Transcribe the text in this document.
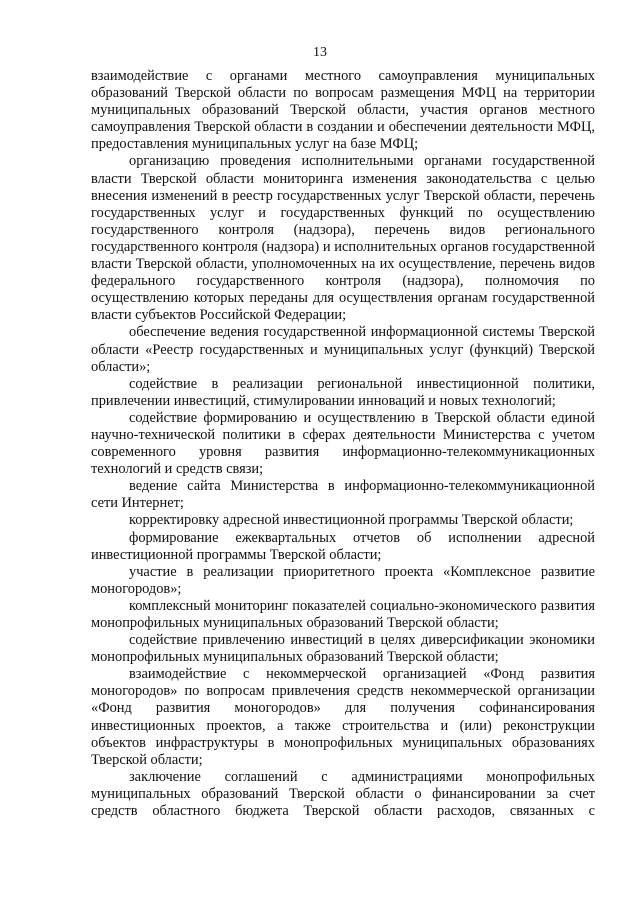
13

взаимодействие с органами местного самоуправления муниципальных образований Тверской области по вопросам размещения МФЦ на территории муниципальных образований Тверской области, участия органов местного самоуправления Тверской области в создании и обеспечении деятельности МФЦ, предоставления муниципальных услуг на базе МФЦ;

организацию проведения исполнительными органами государственной власти Тверской области мониторинга изменения законодательства с целью внесения изменений в реестр государственных услуг Тверской области, перечень государственных услуг и государственных функций по осуществлению государственного контроля (надзора), перечень видов регионального государственного контроля (надзора) и исполнительных органов государственной власти Тверской области, уполномоченных на их осуществление, перечень видов федерального государственного контроля (надзора), полномочия по осуществлению которых переданы для осуществления органам государственной власти субъектов Российской Федерации;

обеспечение ведения государственной информационной системы Тверской области «Реестр государственных и муниципальных услуг (функций) Тверской области»;

содействие в реализации региональной инвестиционной политики, привлечении инвестиций, стимулировании инноваций и новых технологий;

содействие формированию и осуществлению в Тверской области единой научно-технической политики в сферах деятельности Министерства с учетом современного уровня развития информационно-телекоммуникационных технологий и средств связи;

ведение сайта Министерства в информационно-телекоммуникационной сети Интернет;

корректировку адресной инвестиционной программы Тверской области;

формирование ежеквартальных отчетов об исполнении адресной инвестиционной программы Тверской области;

участие в реализации приоритетного проекта «Комплексное развитие моногородов»;

комплексный мониторинг показателей социально-экономического развития монопрофильных муниципальных образований Тверской области;

содействие привлечению инвестиций в целях диверсификации экономики монопрофильных муниципальных образований Тверской области;

взаимодействие с некоммерческой организацией «Фонд развития моногородов» по вопросам привлечения средств некоммерческой организации «Фонд развития моногородов» для получения софинансирования инвестиционных проектов, а также строительства и (или) реконструкции объектов инфраструктуры в монопрофильных муниципальных образованиях Тверской области;

заключение соглашений с администрациями монопрофильных муниципальных образований Тверской области о финансировании за счет средств областного бюджета Тверской области расходов, связанных с
